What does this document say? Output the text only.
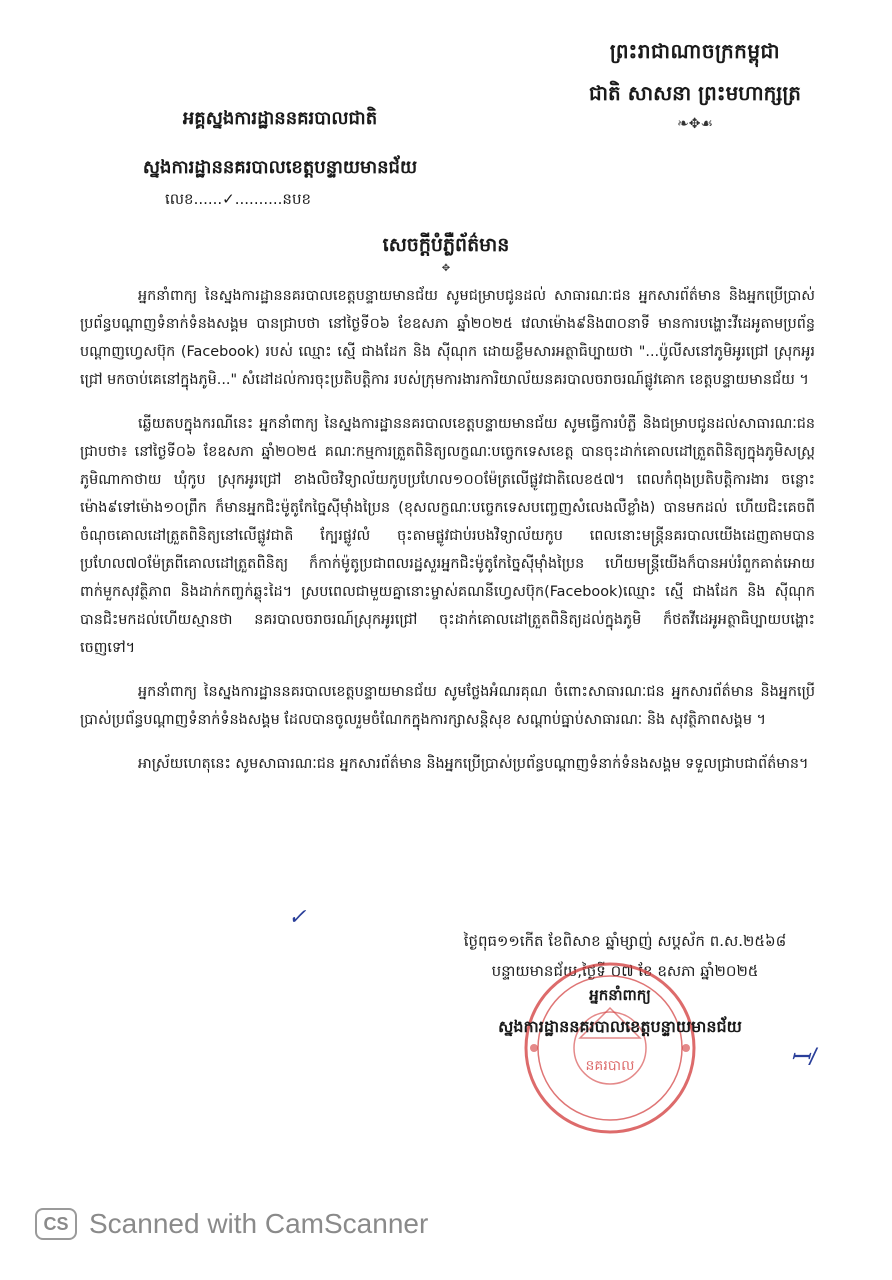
ព្រះរាជាណាចក្រកម្ពុជា
ជាតិ សាសនា ព្រះមហាក្សត្រ
❧✥☙
អគ្គស្នងការដ្ឋាននគរបាលជាតិ
ស្នងការដ្ឋាននគរបាលខេត្តបន្ទាយមានជ័យ
លេខ......✓..........នបខ
សេចក្តីបំភ្លឺព័ត៌មាន
✥

អ្នកនាំពាក្យ នៃស្នងការដ្ឋាននគរបាលខេត្តបន្ទាយមានជ័យ សូមជម្រាបជូនដល់ សាធារណៈជន អ្នកសារព័ត៌មាន និងអ្នកប្រើប្រាស់ប្រព័ន្ធបណ្តាញទំនាក់ទំនងសង្គម បានជ្រាបថា នៅថ្ងៃទី០៦ ខែឧសភា ឆ្នាំ២០២៥ វេលាម៉ោង៩និង៣០នាទី មានការបង្ហោះវីដេអូតាមប្រព័ន្ធបណ្តាញហ្វេសប៊ុក (Facebook) របស់ ឈ្មោះ ស្មើ ជាងដែក និង ស៊ីណុក ដោយខ្លឹមសារអត្ថាធិប្បាយថា "...ប៉ូលីសនៅភូមិអូរជ្រៅ ស្រុកអូរជ្រៅ មកចាប់គេនៅក្នុងភូមិ..." សំដៅដល់ការចុះប្រតិបត្តិការ របស់ក្រុមការងារការិយាល័យនគរបាលចរាចរណ៍ផ្លូវគោក ខេត្តបន្ទាយមានជ័យ ។

ឆ្លើយតបក្នុងករណីនេះ អ្នកនាំពាក្យ នៃស្នងការដ្ឋាននគរបាលខេត្តបន្ទាយមានជ័យ សូមធ្វើការបំភ្លឺ និងជម្រាបជូនដល់សាធារណៈជនជ្រាបថា៖ នៅថ្ងៃទី០៦ ខែឧសភា ឆ្នាំ២០២៥ គណៈកម្មការត្រួតពិនិត្យលក្ខណៈបច្ចេកទេសខេត្ត បានចុះដាក់គោលដៅត្រួតពិនិត្យក្នុងភូមិសស្រ្ត ភូមិណាកាថាយ ឃុំកូប ស្រុកអូរជ្រៅ ខាងលិចវិទ្យាល័យកូបប្រហែល១០០ម៉ែត្រលើផ្លូវជាតិលេខ៥៧។ ពេលកំពុងប្រតិបត្តិការងារ ចន្លោះម៉ោង៩ទៅម៉ោង១០ព្រឹក ក៏មានអ្នកជិះម៉ូតូកែច្នៃស៊ីម៉ាំងប្រៃន (ខុសលក្ខណៈបច្ចេកទេសបញ្ចេញសំលេងលឺខ្លាំង) បានមកដល់ ហើយជិះគេចពីចំណុចគោលដៅត្រួតពិនិត្យនៅលើផ្លូវជាតិ ក្បែរផ្លូវលំ ចុះតាមផ្លូវជាប់របងវិទ្យាល័យកូប ពេលនោះមន្រ្តីនគរបាលយើងដេញតាមបានប្រហែល៧០ម៉ែត្រពីគោលដៅត្រួតពិនិត្យ ក៏កាក់ម៉ូតូប្រជាពលរដ្ឋសួរអ្នកជិះម៉ូតូកែច្នៃស៊ីម៉ាំងប្រៃន ហើយមន្រ្តីយើងក៏បានអប់រំពួកគាត់អោយពាក់មួកសុវត្ថិភាព និងដាក់កញ្ចក់ឆ្លុះដៃ។ ស្របពេលជាមួយគ្នានោះម្ចាស់គណនីហ្វេសប៊ុក(Facebook)ឈ្មោះ ស្មើ ជាងដែក និង ស៊ីណុក បានជិះមកដល់ហើយស្មានថា នគរបាលចរាចរណ៍ស្រុកអូរជ្រៅ ចុះដាក់គោលដៅត្រួតពិនិត្យដល់ក្នុងភូមិ ក៏ថតវីដេអូអត្ថាធិប្បាយបង្ហោះចេញទៅ។

អ្នកនាំពាក្យ នៃស្នងការដ្ឋាននគរបាលខេត្តបន្ទាយមានជ័យ សូមថ្លែងអំណរគុណ ចំពោះសាធារណៈជន អ្នកសារព័ត៌មាន និងអ្នកប្រើប្រាស់ប្រព័ន្ធបណ្តាញទំនាក់ទំនងសង្គម ដែលបានចូលរួមចំណែកក្នុងការក្សាសន្តិសុខ សណ្តាប់ធ្នាប់សាធារណៈ និង សុវត្ថិភាពសង្គម ។

អាស្រ័យហេតុនេះ សូមសាធារណៈជន អ្នកសារព័ត៌មាន និងអ្នកប្រើប្រាស់ប្រព័ន្ធបណ្តាញទំនាក់ទំនងសង្គម ទទួលជ្រាបជាព័ត៌មាន។

ថ្ងៃពុធ១១កើត ខែពិសាខ ឆ្នាំម្សាញ់ សប្តស័ក ព.ស.២៥៦៨
បន្ទាយមានជ័យ,ថ្ងៃទី ០៧ ខែ ឧសភា ឆ្នាំ២០២៥
នគរបាល
អ្នកនាំពាក្យ
ស្នងការដ្ឋាននគរបាលខេត្តបន្ទាយមានជ័យ
✓
ꟷ/
CS Scanned with CamScanner
